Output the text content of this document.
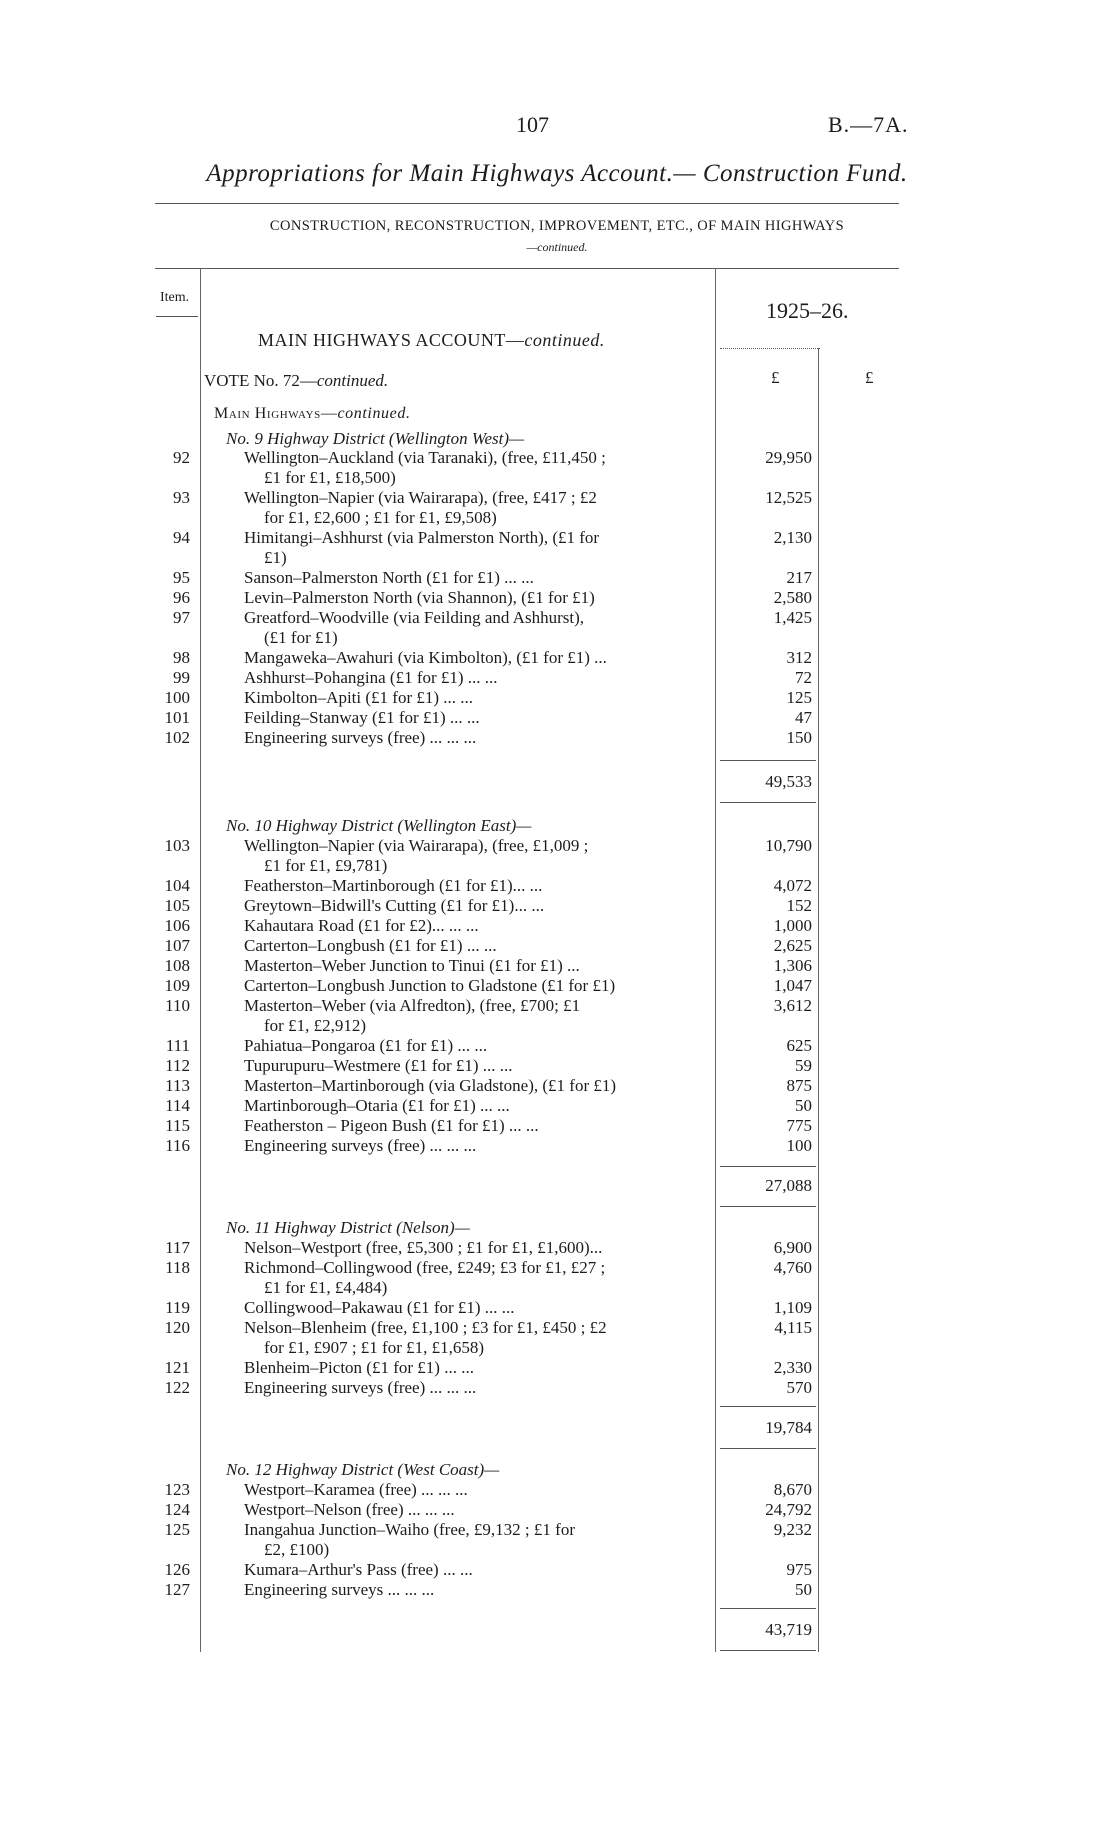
107	B.—7A.
Appropriations for Main Highways Account.— Construction Fund.
CONSTRUCTION, RECONSTRUCTION, IMPROVEMENT, ETC., OF MAIN HIGHWAYS
—continued.
Item.
1925–26.
MAIN HIGHWAYS ACCOUNT—continued.
VOTE No. 72—continued.	£	£
Main Highways—continued.
No. 9 Highway District (Wellington West)—
92	Wellington–Auckland (via Taranaki), (free, £11,450 ;	29,950
£1 for £1, £18,500)
93	Wellington–Napier (via Wairarapa), (free, £417 ; £2	12,525
for £1, £2,600 ; £1 for £1, £9,508)
94	Himitangi–Ashhurst (via Palmerston North), (£1 for	2,130
£1)
95	Sanson–Palmerston North (£1 for £1) ... ...	217
96	Levin–Palmerston North (via Shannon), (£1 for £1)	2,580
97	Greatford–Woodville (via Feilding and Ashhurst),	1,425
(£1 for £1)
98	Mangaweka–Awahuri (via Kimbolton), (£1 for £1) ...	312
99	Ashhurst–Pohangina (£1 for £1) ... ...	72
100	Kimbolton–Apiti (£1 for £1) ... ...	125
101	Feilding–Stanway (£1 for £1) ... ...	47
102	Engineering surveys (free) ... ... ...	150
49,533
No. 10 Highway District (Wellington East)—
103	Wellington–Napier (via Wairarapa), (free, £1,009 ;	10,790
£1 for £1, £9,781)
104	Featherston–Martinborough (£1 for £1)... ...	4,072
105	Greytown–Bidwill's Cutting (£1 for £1)... ...	152
106	Kahautara Road (£1 for £2)... ... ...	1,000
107	Carterton–Longbush (£1 for £1) ... ...	2,625
108	Masterton–Weber Junction to Tinui (£1 for £1) ...	1,306
109	Carterton–Longbush Junction to Gladstone (£1 for £1)	1,047
110	Masterton–Weber (via Alfredton), (free, £700; £1	3,612
for £1, £2,912)
111	Pahiatua–Pongaroa (£1 for £1) ... ...	625
112	Tupurupuru–Westmere (£1 for £1) ... ...	59
113	Masterton–Martinborough (via Gladstone), (£1 for £1)	875
114	Martinborough–Otaria (£1 for £1) ... ...	50
115	Featherston – Pigeon Bush (£1 for £1) ... ...	775
116	Engineering surveys (free) ... ... ...	100
27,088
No. 11 Highway District (Nelson)—
117	Nelson–Westport (free, £5,300 ; £1 for £1, £1,600)...	6,900
118	Richmond–Collingwood (free, £249; £3 for £1, £27 ;	4,760
£1 for £1, £4,484)
119	Collingwood–Pakawau (£1 for £1) ... ...	1,109
120	Nelson–Blenheim (free, £1,100 ; £3 for £1, £450 ; £2	4,115
for £1, £907 ; £1 for £1, £1,658)
121	Blenheim–Picton (£1 for £1) ... ...	2,330
122	Engineering surveys (free) ... ... ...	570
19,784
No. 12 Highway District (West Coast)—
123	Westport–Karamea (free) ... ... ...	8,670
124	Westport–Nelson (free) ... ... ...	24,792
125	Inangahua Junction–Waiho (free, £9,132 ; £1 for	9,232
£2, £100)
126	Kumara–Arthur's Pass (free) ... ...	975
127	Engineering surveys ... ... ...	50
43,719
